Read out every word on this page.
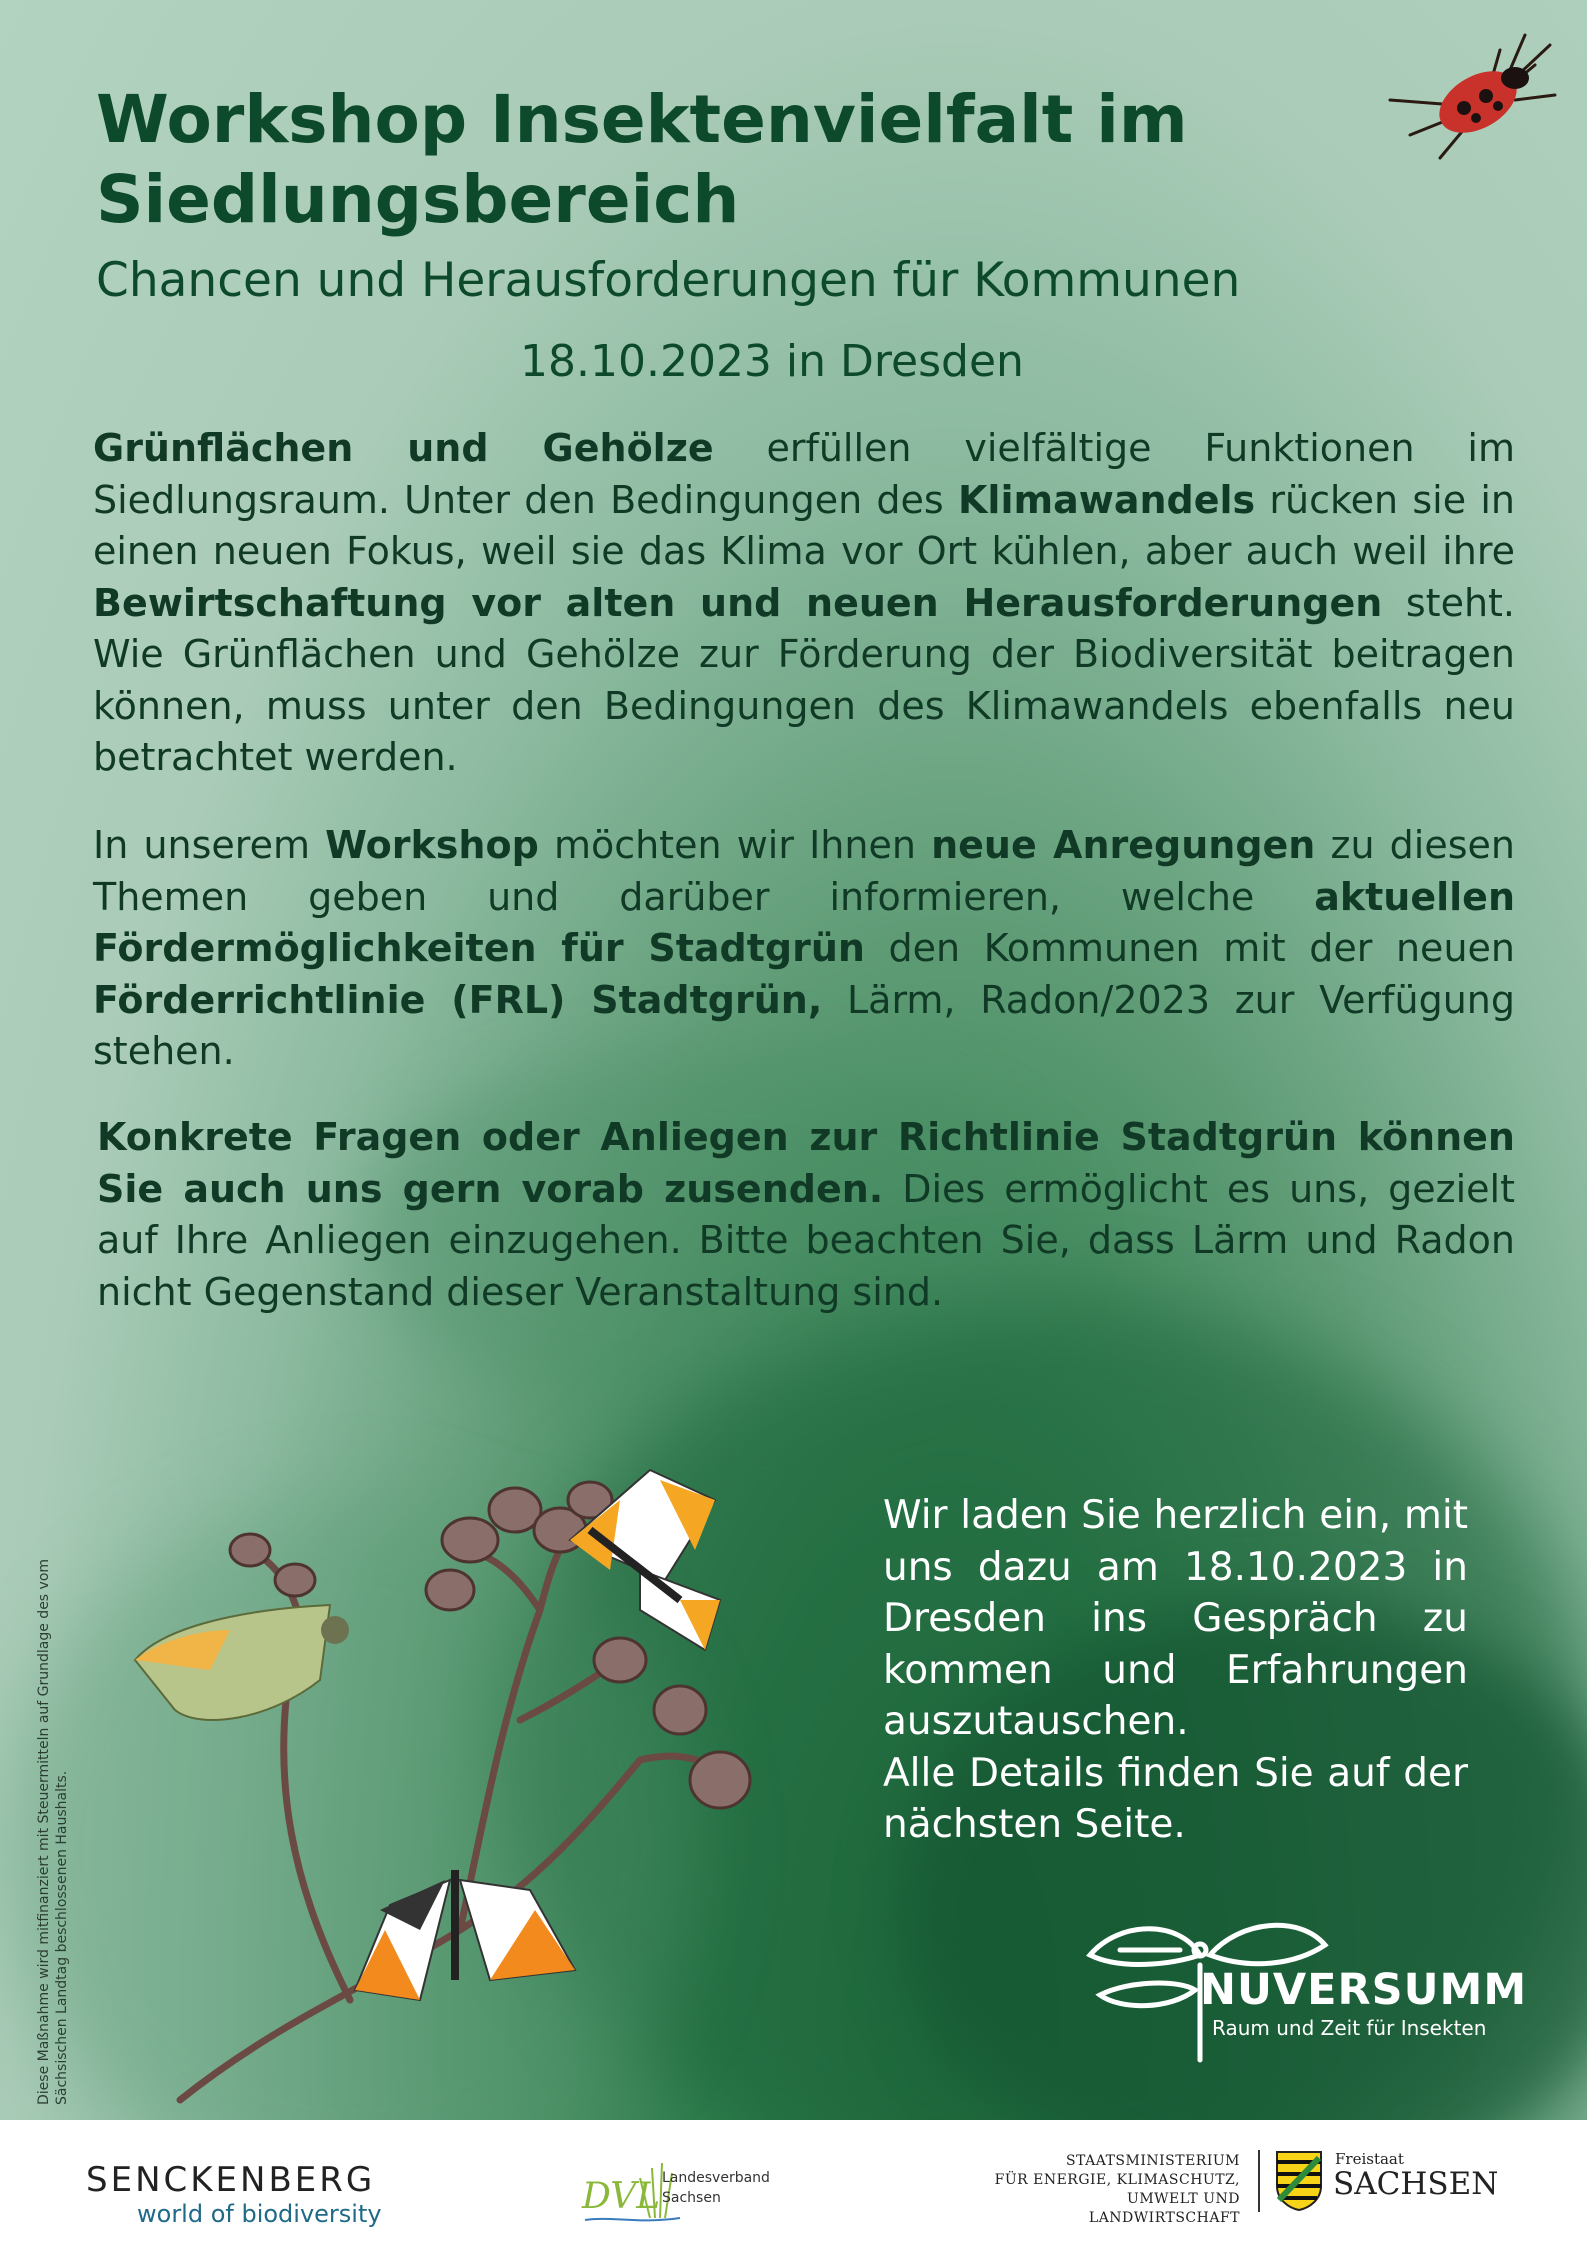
Workshop Insektenvielfalt im Siedlungsbereich
Chancen und Herausforderungen für Kommunen
18.10.2023 in Dresden

Grünflächen und Gehölze erfüllen vielfältige Funktionen im Siedlungsraum. Unter den Bedingungen des Klimawandels rücken sie in einen neuen Fokus, weil sie das Klima vor Ort kühlen, aber auch weil ihre Bewirtschaftung vor alten und neuen Herausforderungen steht. Wie Grünflächen und Gehölze zur Förderung der Biodiversität beitragen können, muss unter den Bedingungen des Klimawandels ebenfalls neu betrachtet werden.

In unserem Workshop möchten wir Ihnen neue Anregungen zu diesen Themen geben und darüber informieren, welche aktuellen Fördermöglichkeiten für Stadtgrün den Kommunen mit der neuen Förderrichtlinie (FRL) Stadtgrün, Lärm, Radon/2023 zur Verfügung stehen.

Konkrete Fragen oder Anliegen zur Richtlinie Stadtgrün können Sie auch uns gern vorab zusenden. Dies ermöglicht es uns, gezielt auf Ihre Anliegen einzugehen. Bitte beachten Sie, dass Lärm und Radon nicht Gegenstand dieser Veranstaltung sind.

Wir laden Sie herzlich ein, mit uns dazu am 18.10.2023 in Dresden ins Gespräch zu kommen und Erfahrungen auszutauschen.

Alle Details finden Sie auf der nächsten Seite.

Diese Maßnahme wird mitfinanziert mit Steuermitteln auf Grundlage des vom Sächsischen Landtag beschlossenen Haushalts.	NUVERSUMM
Raum und Zeit für Insekten
SENCKENBERG
world of biodiversity	DVL Landesverband
Sachsen
STAATSMINISTERIUM
FÜR ENERGIE, KLIMASCHUTZ,
UMWELT UND LANDWIRTSCHAFT
Freistaat
SACHSEN
